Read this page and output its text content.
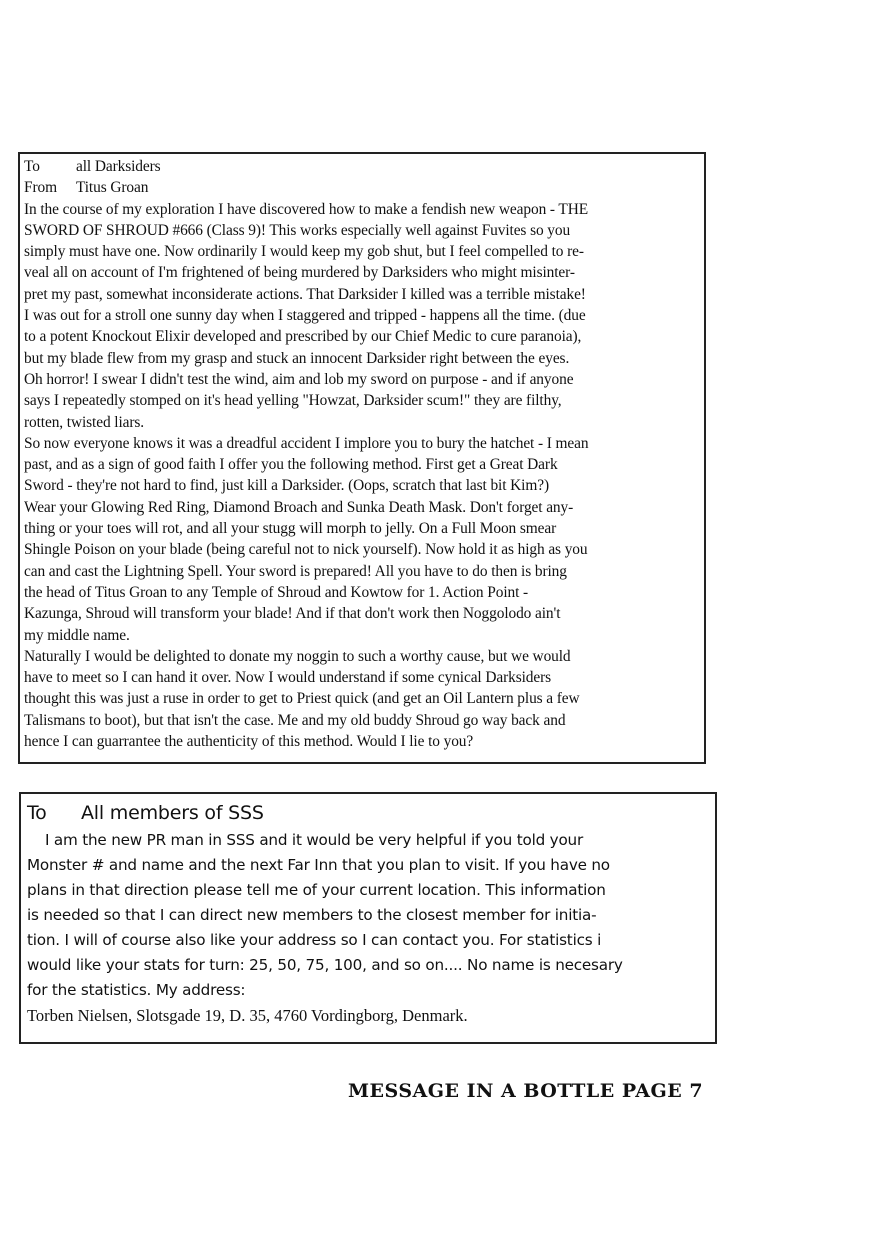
To all Darksiders
From Titus Groan
In the course of my exploration I have discovered how to make a fendish new weapon - THE
SWORD OF SHROUD #666 (Class 9)! This works especially well against Fuvites so you
simply must have one. Now ordinarily I would keep my gob shut, but I feel compelled to re-
veal all on account of I'm frightened of being murdered by Darksiders who might misinter-
pret my past, somewhat inconsiderate actions. That Darksider I killed was a terrible mistake!
I was out for a stroll one sunny day when I staggered and tripped - happens all the time. (due
to a potent Knockout Elixir developed and prescribed by our Chief Medic to cure paranoia),
but my blade flew from my grasp and stuck an innocent Darksider right between the eyes.
Oh horror! I swear I didn't test the wind, aim and lob my sword on purpose - and if anyone
says I repeatedly stomped on it's head yelling "Howzat, Darksider scum!" they are filthy,
rotten, twisted liars.
So now everyone knows it was a dreadful accident I implore you to bury the hatchet - I mean
past, and as a sign of good faith I offer you the following method. First get a Great Dark
Sword - they're not hard to find, just kill a Darksider. (Oops, scratch that last bit Kim?)
Wear your Glowing Red Ring, Diamond Broach and Sunka Death Mask. Don't forget any-
thing or your toes will rot, and all your stugg will morph to jelly. On a Full Moon smear
Shingle Poison on your blade (being careful not to nick yourself). Now hold it as high as you
can and cast the Lightning Spell. Your sword is prepared! All you have to do then is bring
the head of Titus Groan to any Temple of Shroud and Kowtow for 1. Action Point -
Kazunga, Shroud will transform your blade! And if that don't work then Noggolodo ain't
my middle name.
Naturally I would be delighted to donate my noggin to such a worthy cause, but we would
have to meet so I can hand it over. Now I would understand if some cynical Darksiders
thought this was just a ruse in order to get to Priest quick (and get an Oil Lantern plus a few
Talismans to boot), but that isn't the case. Me and my old buddy Shroud go way back and
hence I can guarrantee the authenticity of this method. Would I lie to you?
To All members of SSS
I am the new PR man in SSS and it would be very helpful if you told your
Monster # and name and the next Far Inn that you plan to visit. If you have no
plans in that direction please tell me of your current location. This information
is needed so that I can direct new members to the closest member for initia-
tion. I will of course also like your address so I can contact you. For statistics i
would like your stats for turn: 25, 50, 75, 100, and so on.... No name is necesary
for the statistics. My address:
Torben Nielsen, Slotsgade 19, D. 35, 4760 Vordingborg, Denmark.
MESSAGE IN A BOTTLE PAGE 7
